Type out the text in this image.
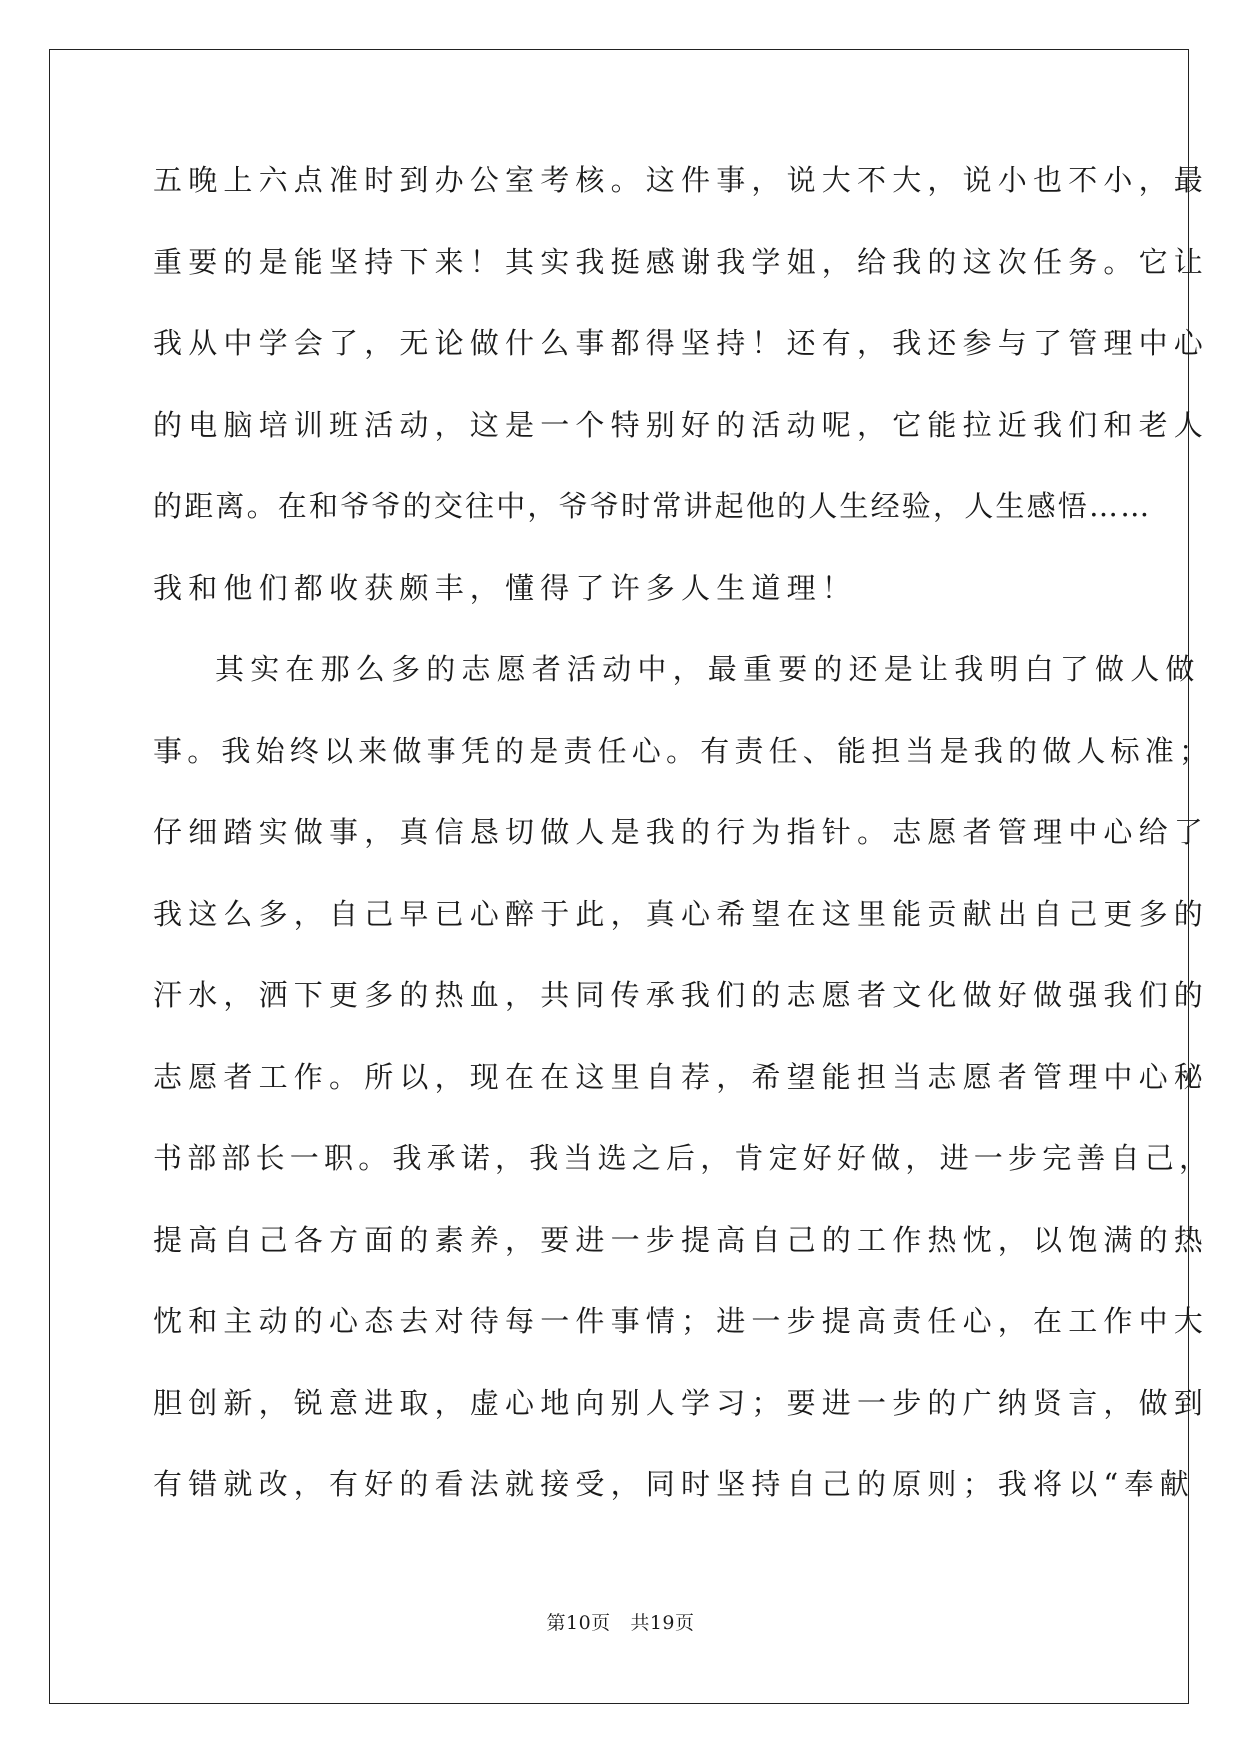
五晚上六点准时到办公室考核。这件事，说大不大，说小也不小，最
重要的是能坚持下来！其实我挺感谢我学姐，给我的这次任务。它让
我从中学会了，无论做什么事都得坚持！还有，我还参与了管理中心
的电脑培训班活动，这是一个特别好的活动呢，它能拉近我们和老人
的距离。在和爷爷的交往中，爷爷时常讲起他的人生经验，人生感悟……
我和他们都收获颇丰，懂得了许多人生道理！
其实在那么多的志愿者活动中，最重要的还是让我明白了做人做
事。我始终以来做事凭的是责任心。有责任、能担当是我的做人标准；
仔细踏实做事，真信恳切做人是我的行为指针。志愿者管理中心给了
我这么多，自己早已心醉于此，真心希望在这里能贡献出自己更多的
汗水，洒下更多的热血，共同传承我们的志愿者文化做好做强我们的
志愿者工作。所以，现在在这里自荐，希望能担当志愿者管理中心秘
书部部长一职。我承诺，我当选之后，肯定好好做，进一步完善自己，
提高自己各方面的素养，要进一步提高自己的工作热忱，以饱满的热
忱和主动的心态去对待每一件事情；进一步提高责任心，在工作中大
胆创新，锐意进取，虚心地向别人学习；要进一步的广纳贤言，做到
有错就改，有好的看法就接受，同时坚持自己的原则；我将以“奉献
第10页 共19页
